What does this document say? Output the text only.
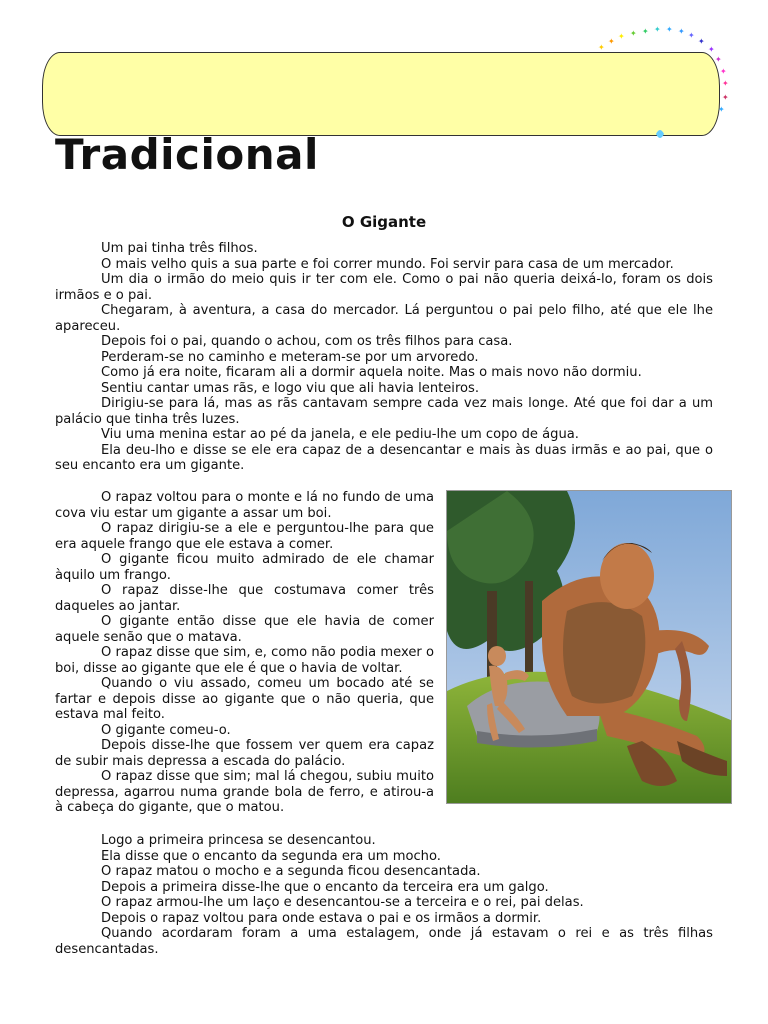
✦
✦
✦ ✦ ✦ ✦ ✦ ✦ ✦
✦
✦
✦
✦
✦
✦
✦
Tradicional
O Gigante

Um pai tinha três filhos.

O mais velho quis a sua parte e foi correr mundo. Foi servir para casa de um mercador.

Um dia o irmão do meio quis ir ter com ele. Como o pai não queria deixá-lo, foram os dois irmãos e o pai.

Chegaram, à aventura, a casa do mercador. Lá perguntou o pai pelo filho, até que ele lhe apareceu.

Depois foi o pai, quando o achou, com os três filhos para casa.

Perderam-se no caminho e meteram-se por um arvoredo.

Como já era noite, ficaram ali a dormir aquela noite. Mas o mais novo não dormiu.

Sentiu cantar umas rãs, e logo viu que ali havia lenteiros.

Dirigiu-se para lá, mas as rãs cantavam sempre cada vez mais longe. Até que foi dar a um palácio que tinha três luzes.

Viu uma menina estar ao pé da janela, e ele pediu-lhe um copo de água.

Ela deu-lho e disse se ele era capaz de a desencantar e mais às duas irmãs e ao pai, que o seu encanto era um gigante.

O rapaz voltou para o monte e lá no fundo de uma cova viu estar um gigante a assar um boi.

O rapaz dirigiu-se a ele e perguntou-lhe para que era aquele frango que ele estava a comer.

O gigante ficou muito admirado de ele chamar àquilo um frango.

O rapaz disse-lhe que costumava comer três daqueles ao jantar.

O gigante então disse que ele havia de comer aquele senão que o matava.

O rapaz disse que sim, e, como não podia mexer o boi, disse ao gigante que ele é que o havia de voltar.

Quando o viu assado, comeu um bocado até se fartar e depois disse ao gigante que o não queria, que estava mal feito.

O gigante comeu-o.

Depois disse-lhe que fossem ver quem era capaz de subir mais depressa a escada do palácio.

O rapaz disse que sim; mal lá chegou, subiu muito depressa, agarrou numa grande bola de ferro, e atirou-a à cabeça do gigante, que o matou.

Logo a primeira princesa se desencantou.

Ela disse que o encanto da segunda era um mocho.

O rapaz matou o mocho e a segunda ficou desencantada.

Depois a primeira disse-lhe que o encanto da terceira era um galgo.

O rapaz armou-lhe um laço e desencantou-se a terceira e o rei, pai delas.

Depois o rapaz voltou para onde estava o pai e os irmãos a dormir.

Quando acordaram foram a uma estalagem, onde já estavam o rei e as três filhas desencantadas.
